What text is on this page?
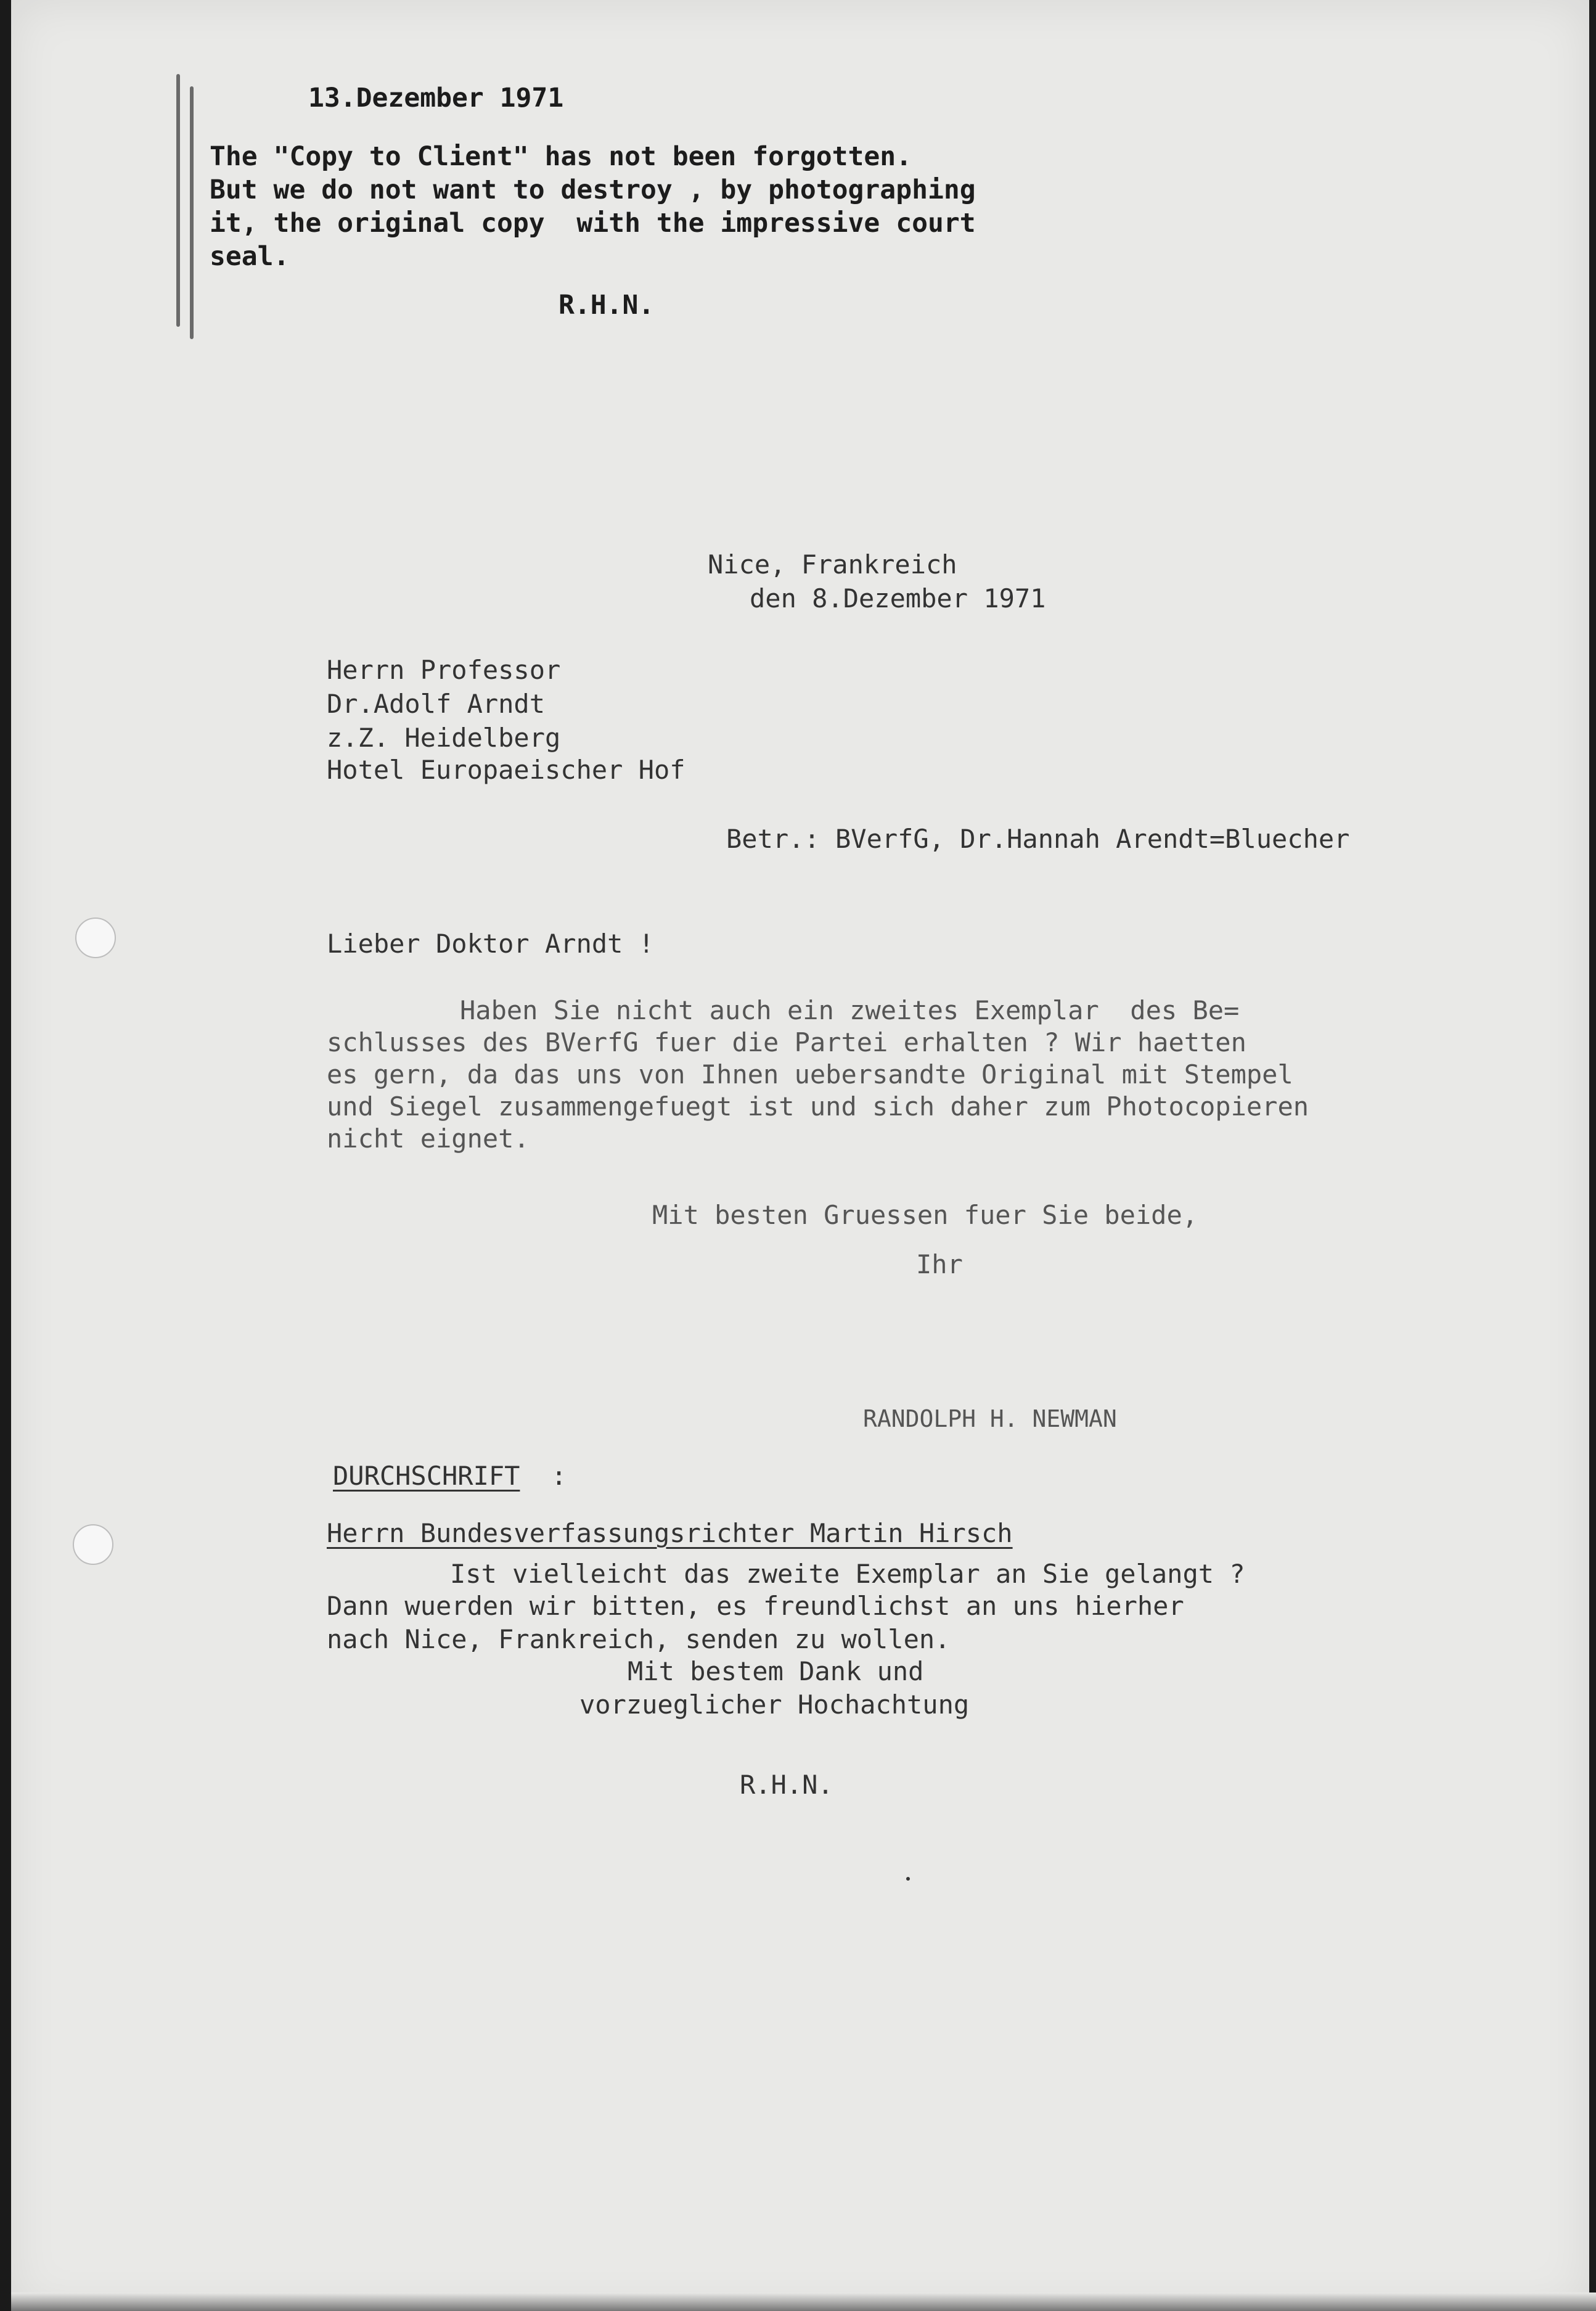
13.Dezember 1971
The "Copy to Client" has not been forgotten.
But we do not want to destroy , by photographing
it, the original copy  with the impressive court
seal.
R.H.N.
Nice, Frankreich
den 8.Dezember 1971
Herrn Professor
Dr.Adolf Arndt
z.Z. Heidelberg
Hotel Europaeischer Hof
Betr.: BVerfG, Dr.Hannah Arendt=Bluecher
Lieber Doktor Arndt !
Haben Sie nicht auch ein zweites Exemplar  des Be=
schlusses des BVerfG fuer die Partei erhalten ? Wir haetten
es gern, da das uns von Ihnen uebersandte Original mit Stempel
und Siegel zusammengefuegt ist und sich daher zum Photocopieren
nicht eignet.
Mit besten Gruessen fuer Sie beide,
Ihr
RANDOLPH H. NEWMAN
DURCHSCHRIFT :
Herrn Bundesverfassungsrichter Martin Hirsch
Ist vielleicht das zweite Exemplar an Sie gelangt ?
Dann wuerden wir bitten, es freundlichst an uns hierher
nach Nice, Frankreich, senden zu wollen.
Mit bestem Dank und
vorzueglicher Hochachtung
R.H.N.
